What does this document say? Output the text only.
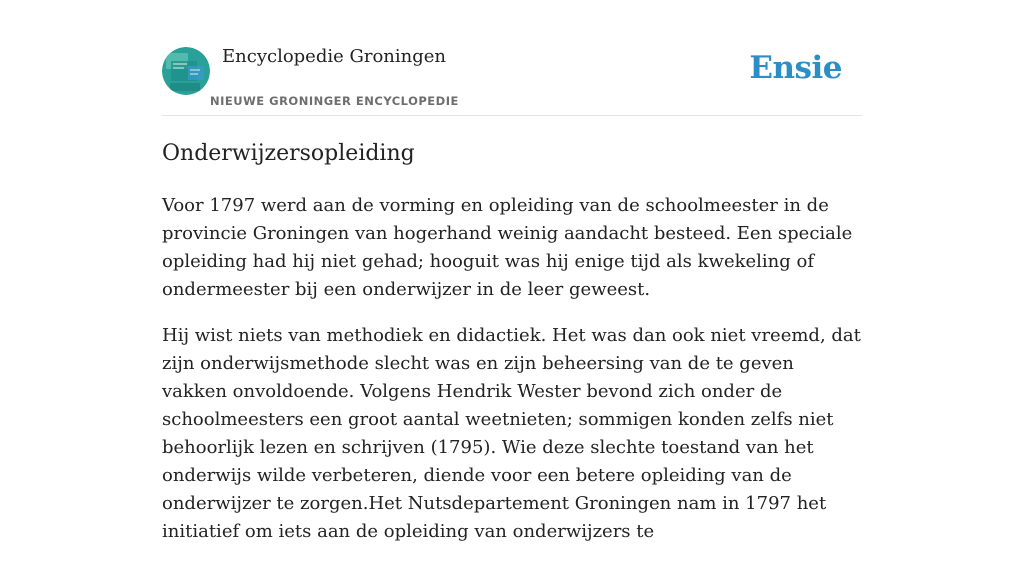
Encyclopedie Groningen
NIEUWE GRONINGER ENCYCLOPEDIE
Ensie
Onderwijzersopleiding

Voor 1797 werd aan de vorming en opleiding van de schoolmeester in de provincie Groningen van hogerhand weinig aandacht besteed. Een speciale opleiding had hij niet gehad; hooguit was hij enige tijd als kwekeling of ondermeester bij een onderwijzer in de leer geweest.

Hij wist niets van methodiek en didactiek. Het was dan ook niet vreemd, dat zijn onderwijsmethode slecht was en zijn beheersing van de te geven vakken onvoldoende. Volgens Hendrik Wester bevond zich onder de schoolmeesters een groot aantal weetnieten; sommigen konden zelfs niet behoorlijk lezen en schrijven (1795). Wie deze slechte toestand van het onderwijs wilde verbeteren, diende voor een betere opleiding van de onderwijzer te zorgen.Het Nutsdepartement Groningen nam in 1797 het initiatief om iets aan de opleiding van onderwijzers te
